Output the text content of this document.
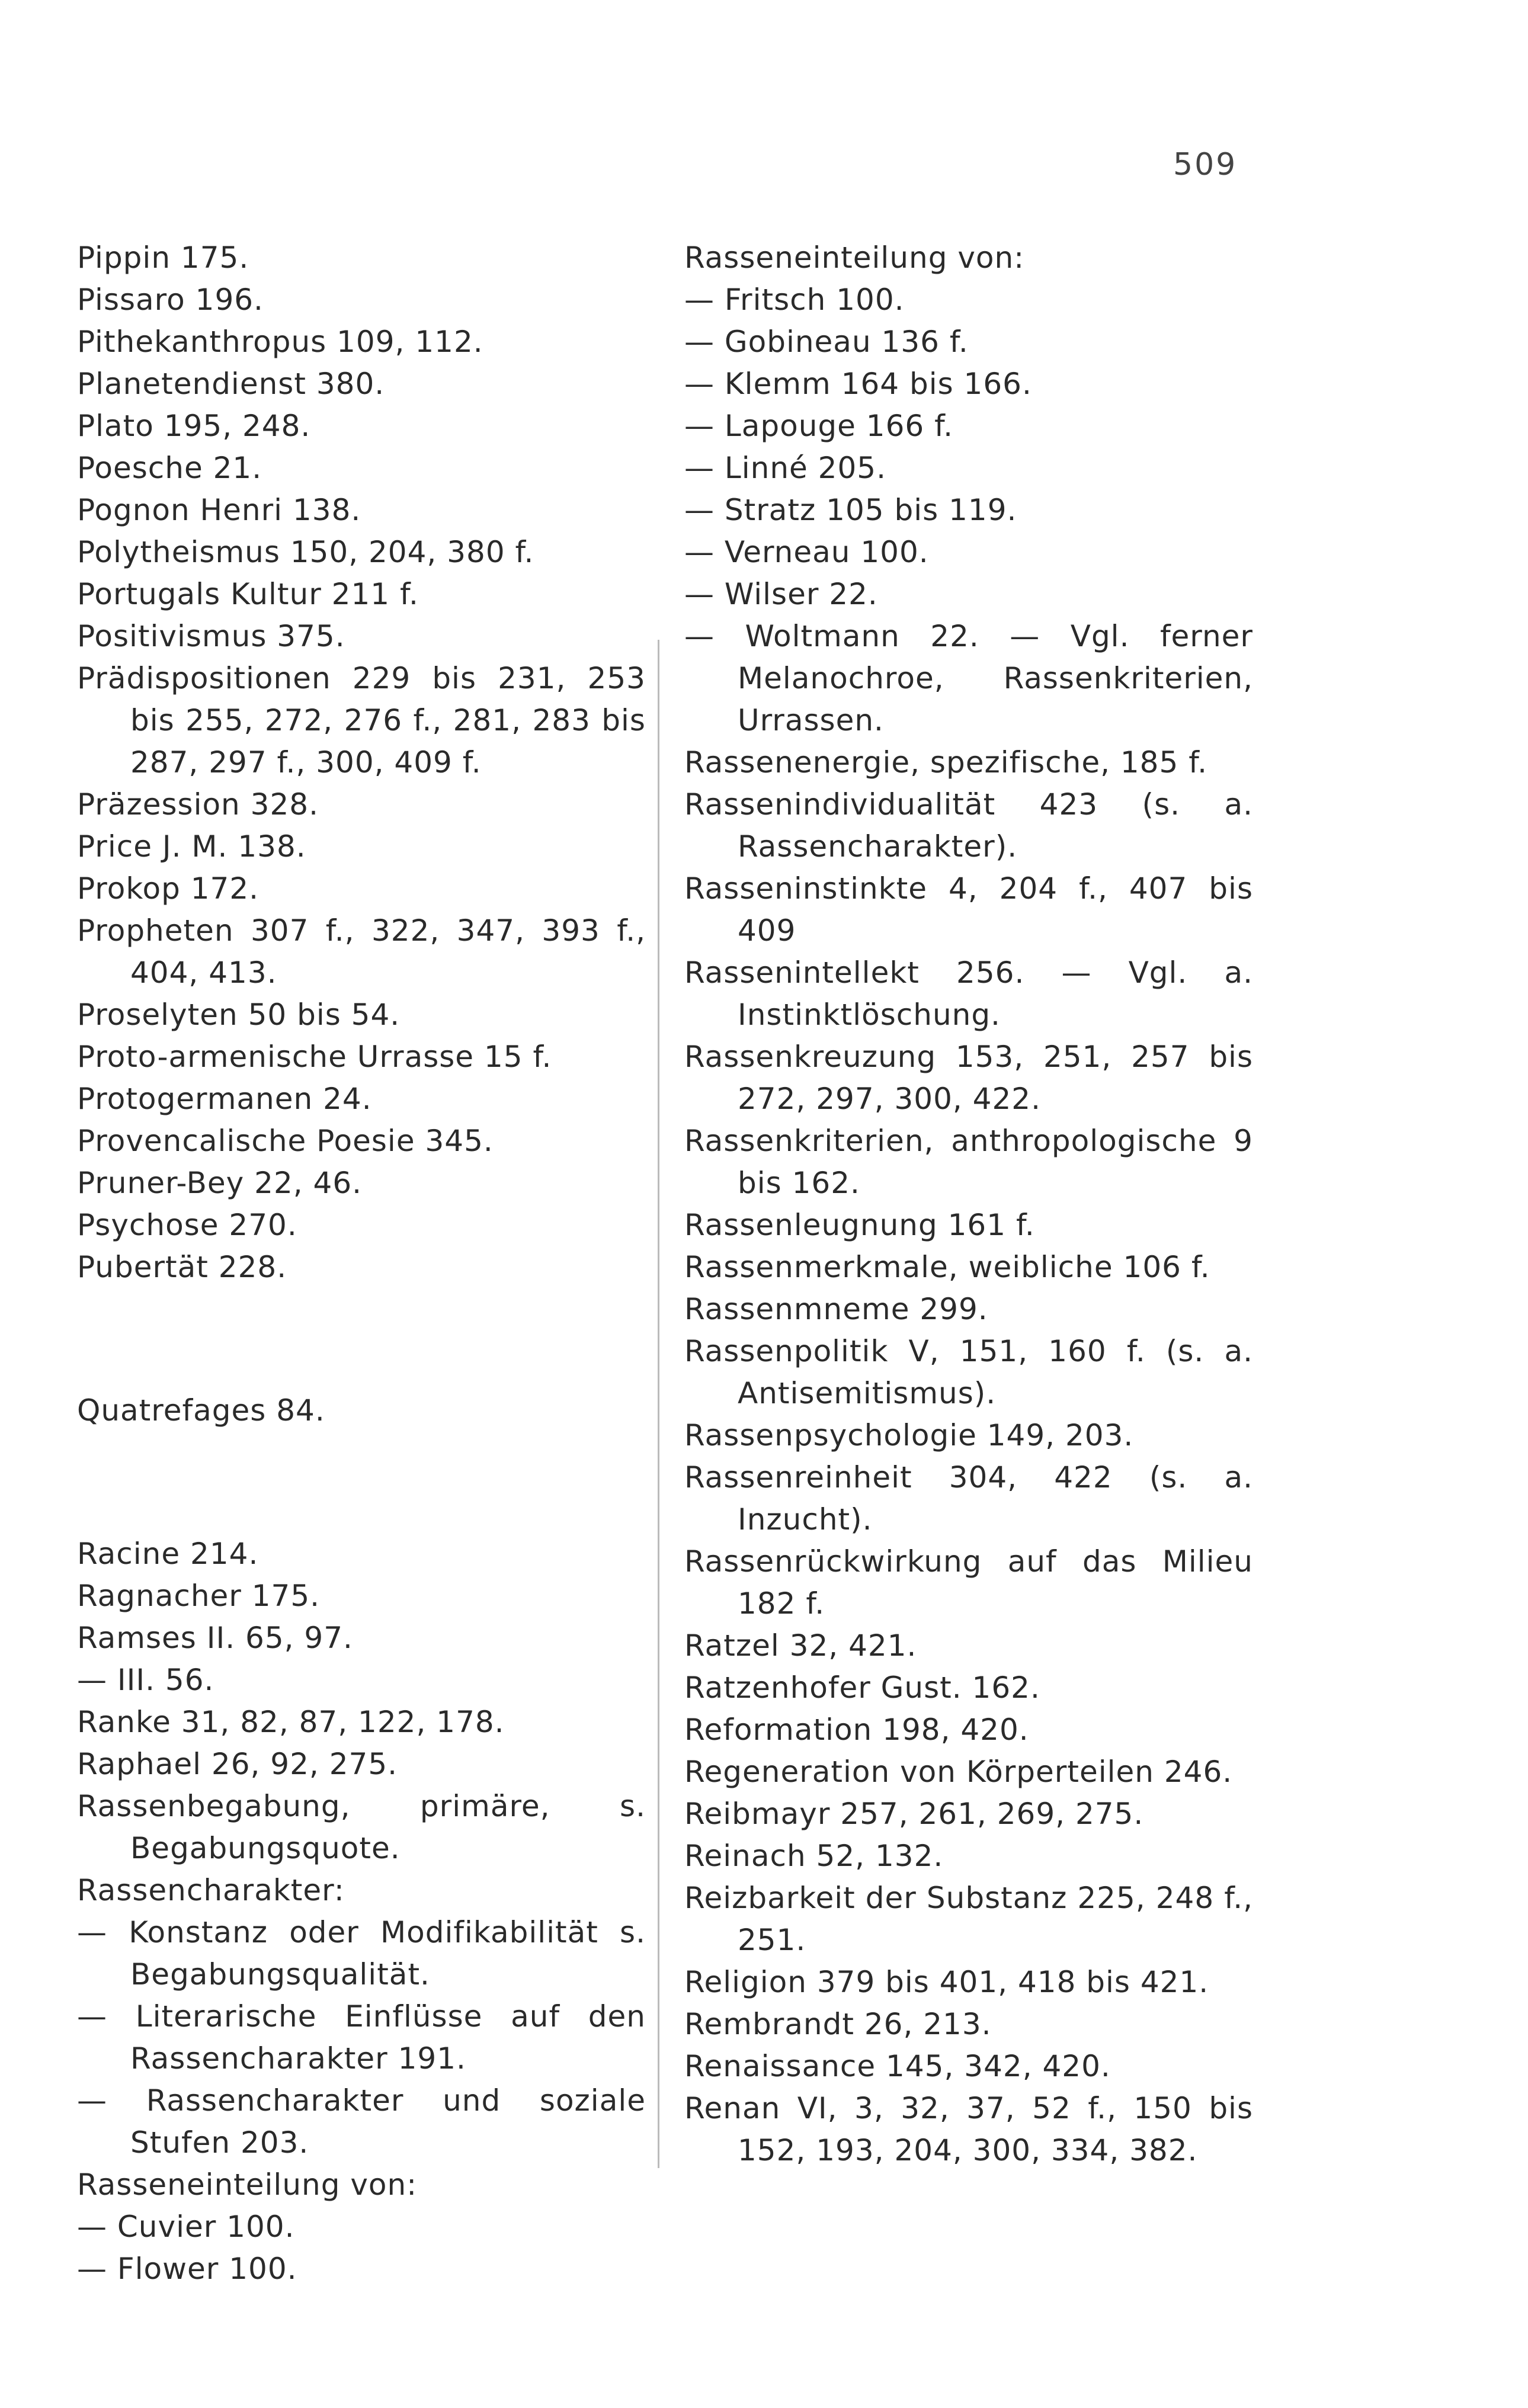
509

Pippin 175.

Pissaro 196.

Pithekanthropus 109, 112.

Planetendienst 380.

Plato 195, 248.

Poesche 21.

Pognon Henri 138.

Polytheismus 150, 204, 380 f.

Portugals Kultur 211 f.

Positivismus 375.

Prädispositionen 229 bis 231, 253 bis 255, 272, 276 f., 281, 283 bis 287, 297 f., 300, 409 f.

Präzession 328.

Price J. M. 138.

Prokop 172.

Propheten 307 f., 322, 347, 393 f., 404, 413.

Proselyten 50 bis 54.

Proto-armenische Urrasse 15 f.

Protogermanen 24.

Provencalische Poesie 345.

Pruner-Bey 22, 46.

Psychose 270.

Pubertät 228.

Quatrefages 84.

Racine 214.

Ragnacher 175.

Ramses II. 65, 97.

— III. 56.

Ranke 31, 82, 87, 122, 178.

Raphael 26, 92, 275.

Rassenbegabung, primäre, s. Begabungsquote.

Rassencharakter:

— Konstanz oder Modifikabilität s. Begabungsqualität.

— Literarische Einflüsse auf den Rassencharakter 191.

— Rassencharakter und soziale Stufen 203.

Rasseneinteilung von:

— Cuvier 100.

— Flower 100.

Rasseneinteilung von:

— Fritsch 100.

— Gobineau 136 f.

— Klemm 164 bis 166.

— Lapouge 166 f.

— Linné 205.

— Stratz 105 bis 119.

— Verneau 100.

— Wilser 22.

— Woltmann 22. — Vgl. ferner Melanochroe, Rassenkriterien, Urrassen.

Rassenenergie, spezifische, 185 f.

Rassenindividualität 423 (s. a. Rassencharakter).

Rasseninstinkte 4, 204 f., 407 bis 409

Rassenintellekt 256. — Vgl. a. Instinktlöschung.

Rassenkreuzung 153, 251, 257 bis 272, 297, 300, 422.

Rassenkriterien, anthropologische 9 bis 162.

Rassenleugnung 161 f.

Rassenmerkmale, weibliche 106 f.

Rassenmneme 299.

Rassenpolitik V, 151, 160 f. (s. a. Antisemitismus).

Rassenpsychologie 149, 203.

Rassenreinheit 304, 422 (s. a. Inzucht).

Rassenrückwirkung auf das Milieu 182 f.

Ratzel 32, 421.

Ratzenhofer Gust. 162.

Reformation 198, 420.

Regeneration von Körperteilen 246.

Reibmayr 257, 261, 269, 275.

Reinach 52, 132.

Reizbarkeit der Substanz 225, 248 f., 251.

Religion 379 bis 401, 418 bis 421.

Rembrandt 26, 213.

Renaissance 145, 342, 420.

Renan VI, 3, 32, 37, 52 f., 150 bis 152, 193, 204, 300, 334, 382.
